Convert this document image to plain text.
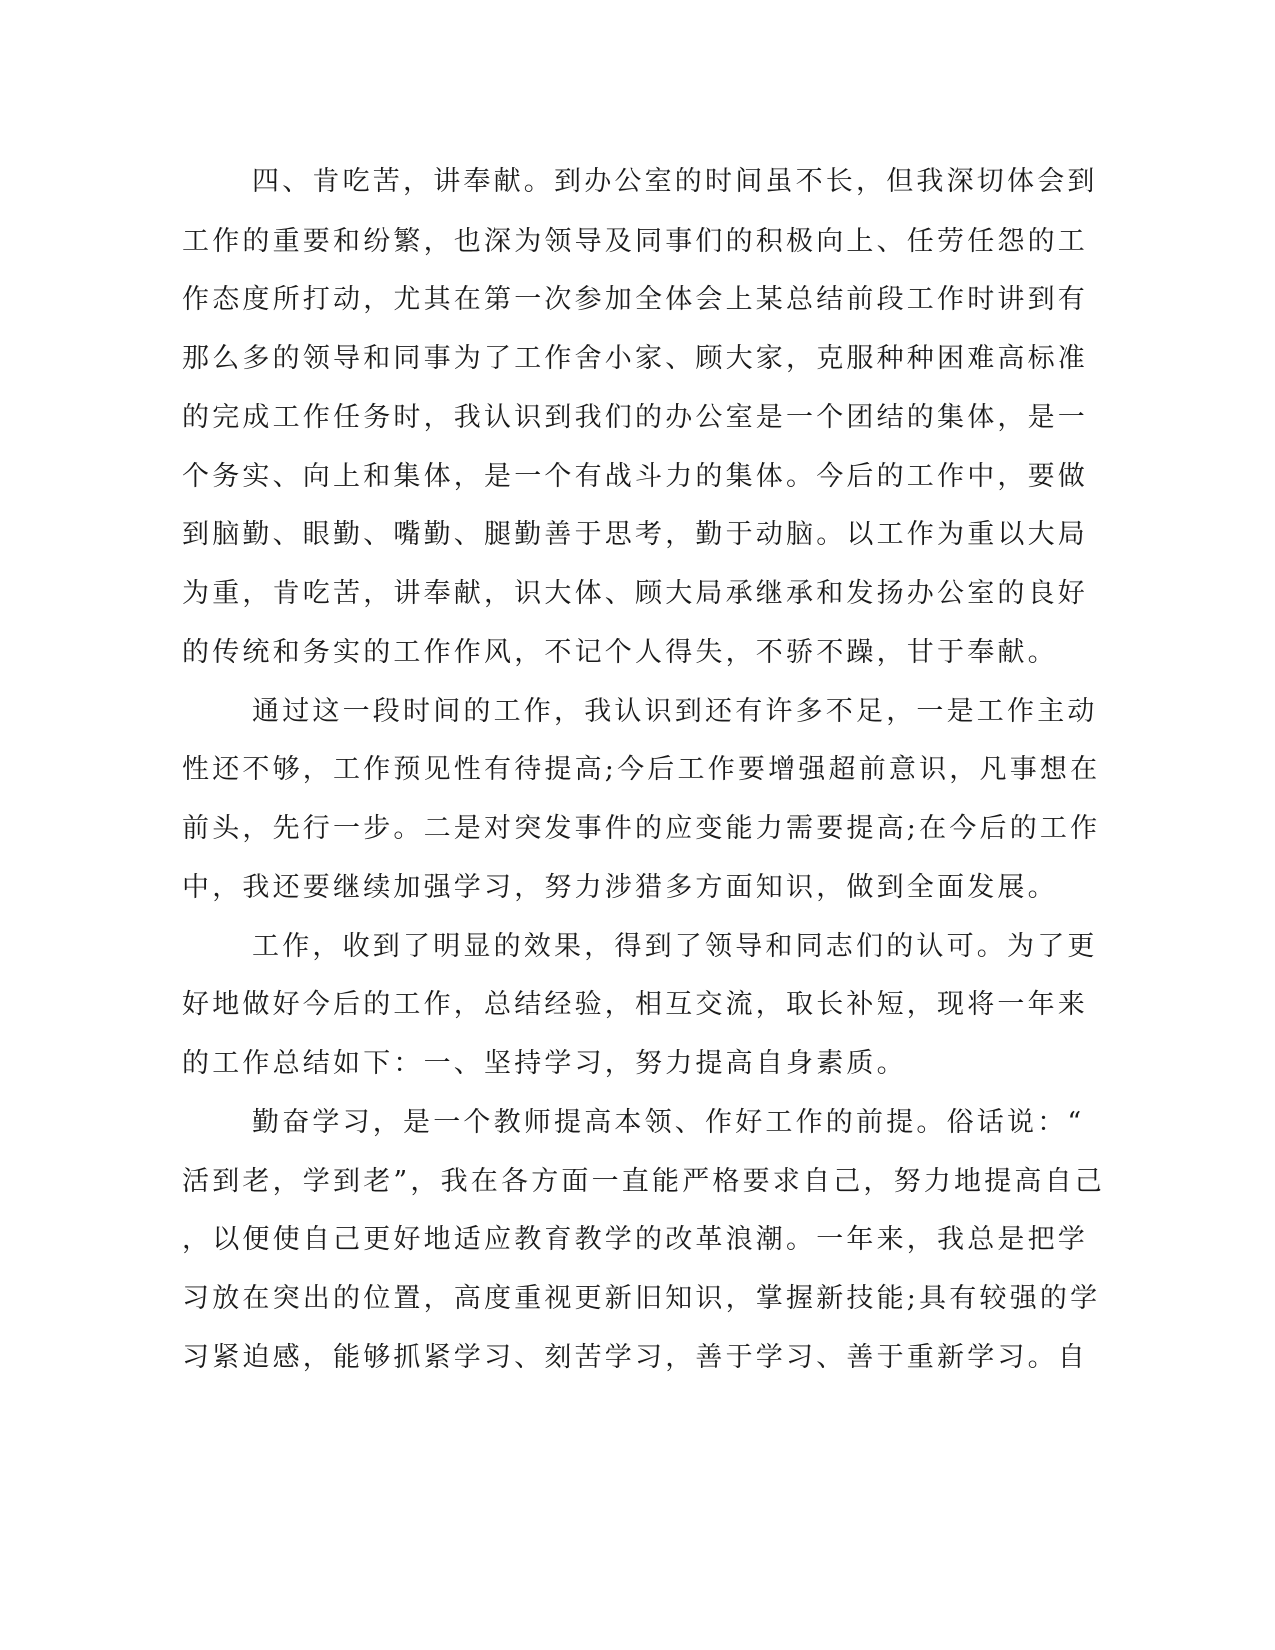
四、肯吃苦，讲奉献。到办公室的时间虽不长，但我深切体会到
工作的重要和纷繁，也深为领导及同事们的积极向上、任劳任怨的工
作态度所打动，尤其在第一次参加全体会上某总结前段工作时讲到有
那么多的领导和同事为了工作舍小家、顾大家，克服种种困难高标准
的完成工作任务时，我认识到我们的办公室是一个团结的集体，是一
个务实、向上和集体，是一个有战斗力的集体。今后的工作中，要做
到脑勤、眼勤、嘴勤、腿勤善于思考，勤于动脑。以工作为重以大局
为重，肯吃苦，讲奉献，识大体、顾大局承继承和发扬办公室的良好
的传统和务实的工作作风，不记个人得失，不骄不躁，甘于奉献。
通过这一段时间的工作，我认识到还有许多不足，一是工作主动
性还不够，工作预见性有待提高;今后工作要增强超前意识，凡事想在
前头，先行一步。二是对突发事件的应变能力需要提高;在今后的工作
中，我还要继续加强学习，努力涉猎多方面知识，做到全面发展。
工作，收到了明显的效果，得到了领导和同志们的认可。为了更
好地做好今后的工作，总结经验，相互交流，取长补短，现将一年来
的工作总结如下：一、坚持学习，努力提高自身素质。
勤奋学习，是一个教师提高本领、作好工作的前提。俗话说：“
活到老，学到老”，我在各方面一直能严格要求自己，努力地提高自己
，以便使自己更好地适应教育教学的改革浪潮。一年来，我总是把学
习放在突出的位置，高度重视更新旧知识，掌握新技能;具有较强的学
习紧迫感，能够抓紧学习、刻苦学习，善于学习、善于重新学习。自
